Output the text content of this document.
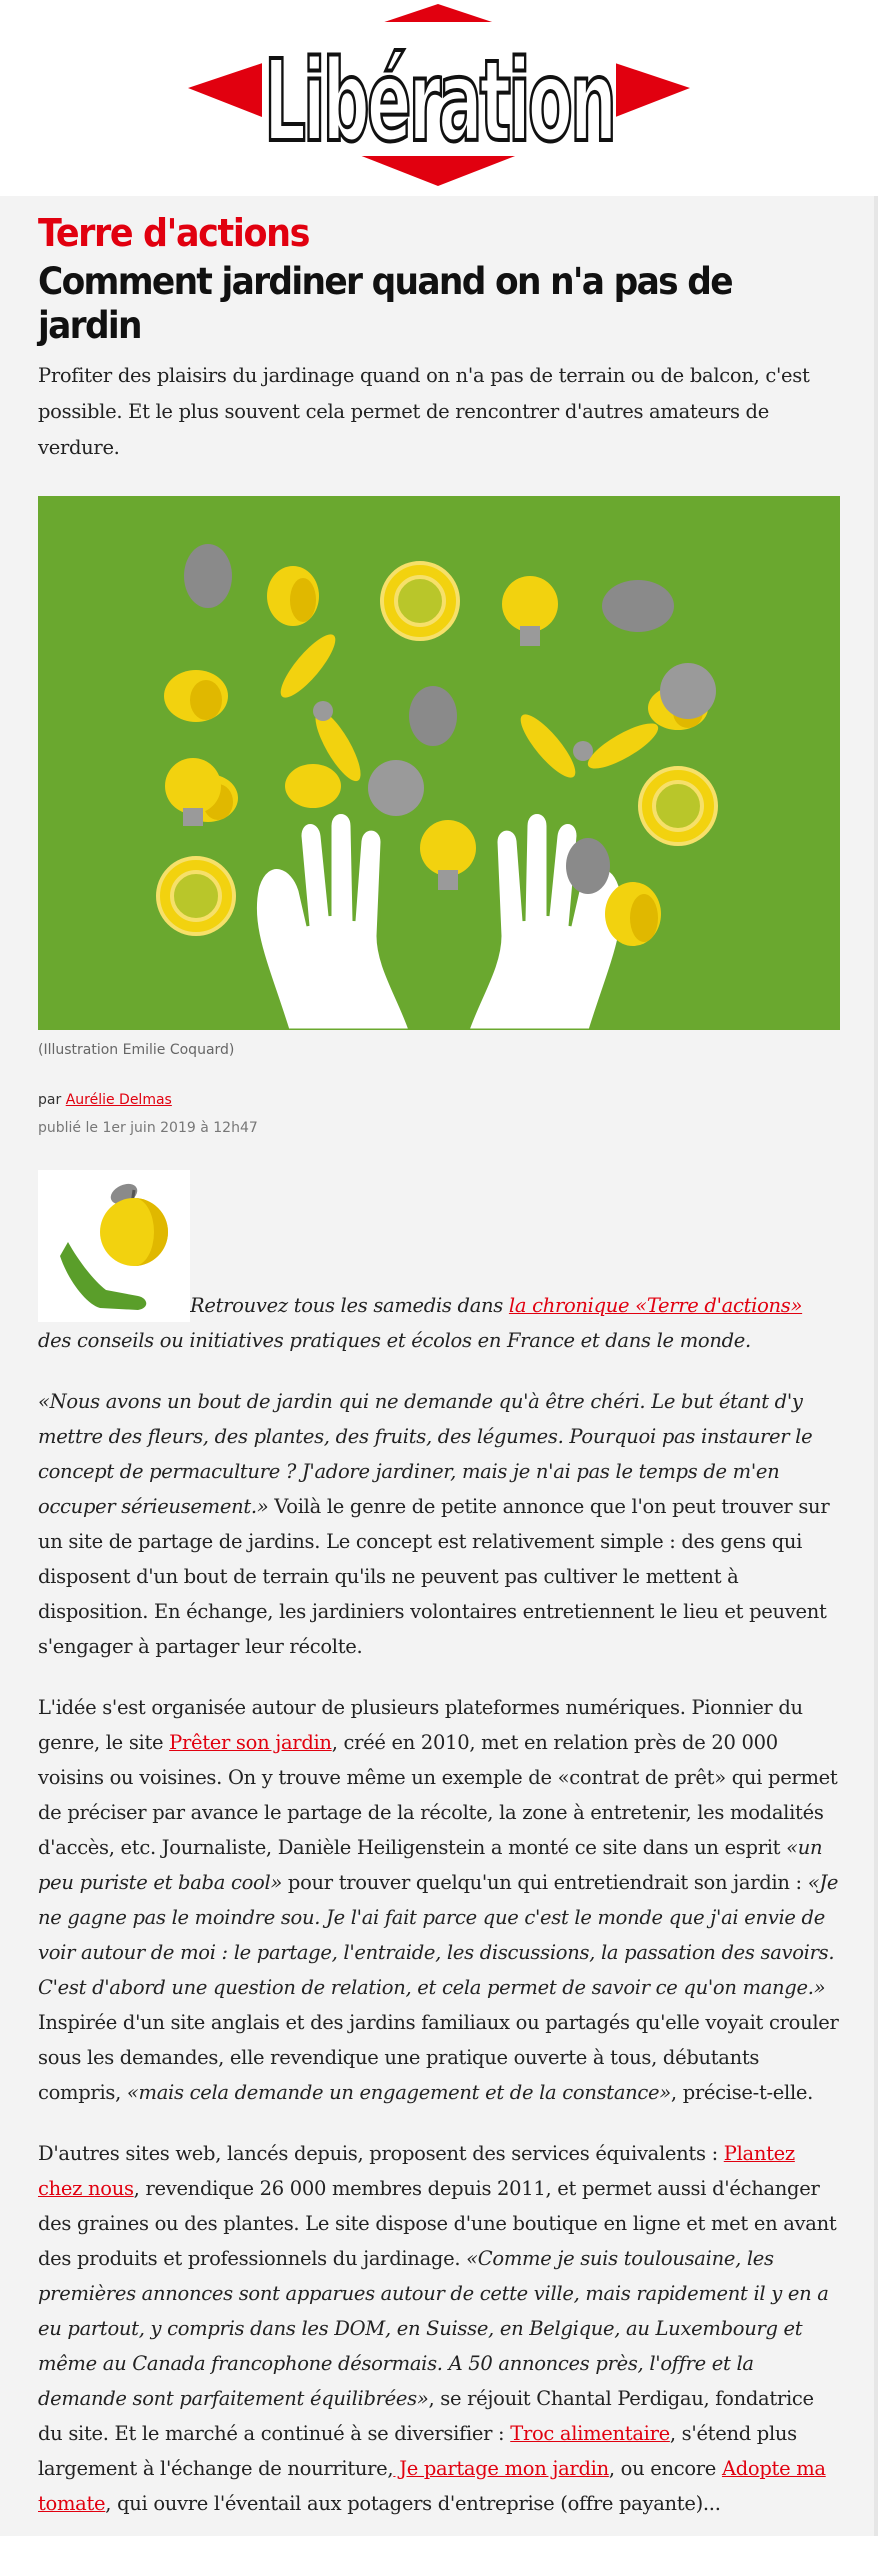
Libération
Terre d'actions
Comment jardiner quand on n'a pas de jardin

Profiter des plaisirs du jardinage quand on n'a pas de terrain ou de balcon, c'est possible. Et le plus souvent cela permet de rencontrer d'autres amateurs de verdure.

(Illustration Emilie Coquard)

par Aurélie Delmas

publié le 1er juin 2019 à 12h47

Retrouvez tous les samedis dans la chronique «Terre d'actions» des conseils ou initiatives pratiques et écolos en France et dans le monde.

«Nous avons un bout de jardin qui ne demande qu'à être chéri. Le but étant d'y mettre des fleurs, des plantes, des fruits, des légumes. Pourquoi pas instaurer le concept de permaculture ? J'adore jardiner, mais je n'ai pas le temps de m'en occuper sérieusement.» Voilà le genre de petite annonce que l'on peut trouver sur un site de partage de jardins. Le concept est relativement simple : des gens qui disposent d'un bout de terrain qu'ils ne peuvent pas cultiver le mettent à disposition. En échange, les jardiniers volontaires entretiennent le lieu et peuvent s'engager à partager leur récolte.

L'idée s'est organisée autour de plusieurs plateformes numériques. Pionnier du genre, le site Prêter son jardin, créé en 2010, met en relation près de 20 000 voisins ou voisines. On y trouve même un exemple de «contrat de prêt» qui permet de préciser par avance le partage de la récolte, la zone à entretenir, les modalités d'accès, etc. Journaliste, Danièle Heiligenstein a monté ce site dans un esprit «un peu puriste et baba cool» pour trouver quelqu'un qui entretiendrait son jardin : «Je ne gagne pas le moindre sou. Je l'ai fait parce que c'est le monde que j'ai envie de voir autour de moi : le partage, l'entraide, les discussions, la passation des savoirs. C'est d'abord une question de relation, et cela permet de savoir ce qu'on mange.» Inspirée d'un site anglais et des jardins familiaux ou partagés qu'elle voyait crouler sous les demandes, elle revendique une pratique ouverte à tous, débutants compris, «mais cela demande un engagement et de la constance», précise-t-elle.

D'autres sites web, lancés depuis, proposent des services équivalents : Plantez chez nous, revendique 26 000 membres depuis 2011, et permet aussi d'échanger des graines ou des plantes. Le site dispose d'une boutique en ligne et met en avant des produits et professionnels du jardinage. «Comme je suis toulousaine, les premières annonces sont apparues autour de cette ville, mais rapidement il y en a eu partout, y compris dans les DOM, en Suisse, en Belgique, au Luxembourg et même au Canada francophone désormais. A 50 annonces près, l'offre et la demande sont parfaitement équilibrées», se réjouit Chantal Perdigau, fondatrice du site. Et le marché a continué à se diversifier : Troc alimentaire, s'étend plus largement à l'échange de nourriture, Je partage mon jardin, ou encore Adopte ma tomate, qui ouvre l'éventail aux potagers d'entreprise (offre payante)...
